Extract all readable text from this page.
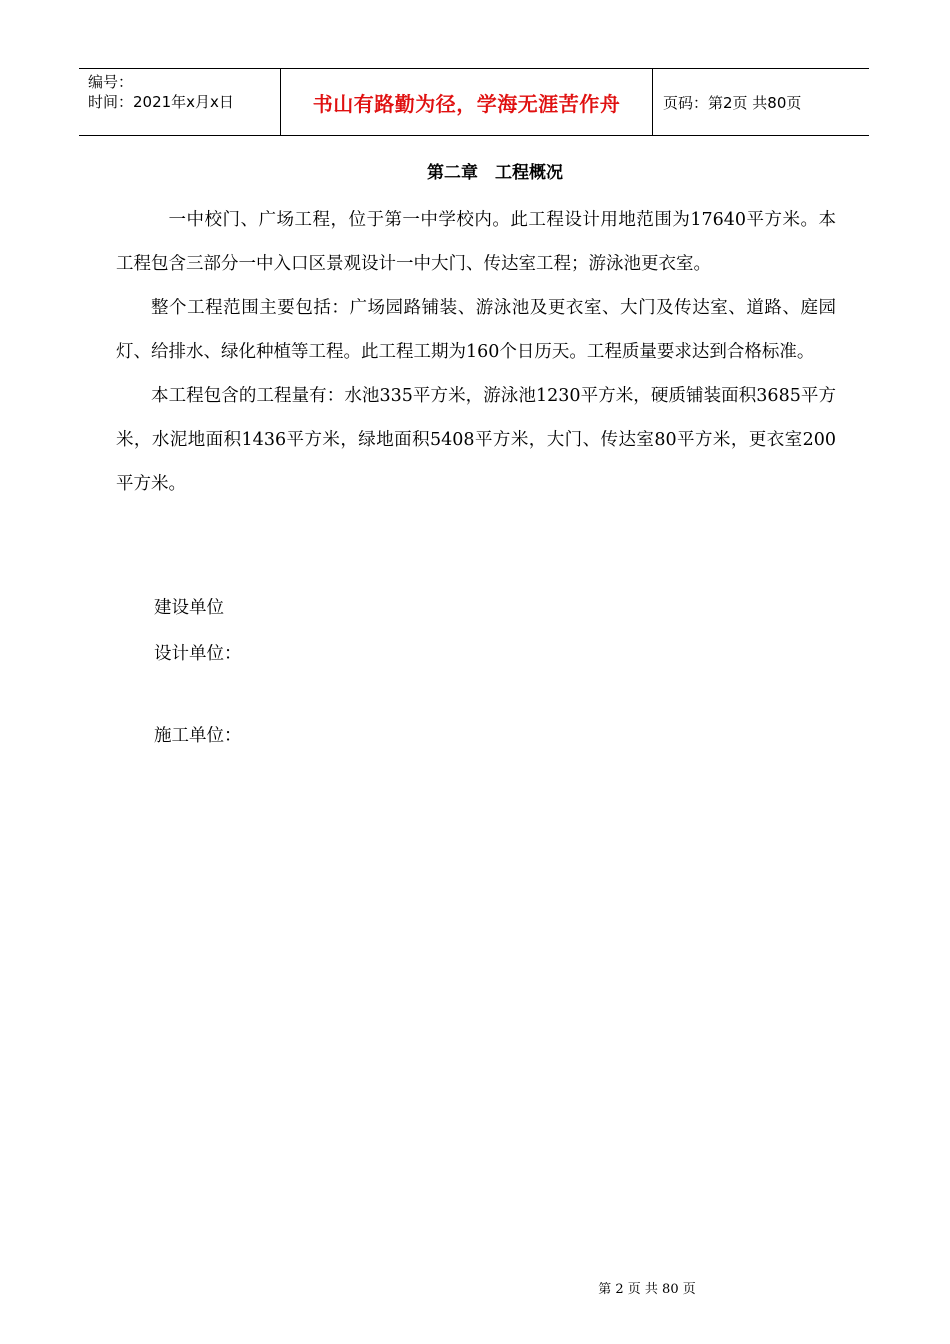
编号：
时间：2021年x月x日	书山有路勤为径，学海无涯苦作舟	页码：第2页 共80页
第二章　工程概况

一中校门、广场工程，位于第一中学校内。此工程设计用地范围为17640平方米。本工程包含三部分一中入口区景观设计一中大门、传达室工程；游泳池更衣室。

整个工程范围主要包括：广场园路铺装、游泳池及更衣室、大门及传达室、道路、庭园灯、给排水、绿化种植等工程。此工程工期为160个日历天。工程质量要求达到合格标准。

本工程包含的工程量有：水池335平方米，游泳池1230平方米，硬质铺装面积3685平方米，水泥地面积1436平方米，绿地面积5408平方米，大门、传达室80平方米，更衣室200平方米。

建设单位
设计单位：
施工单位：
第 2 页 共 80 页
